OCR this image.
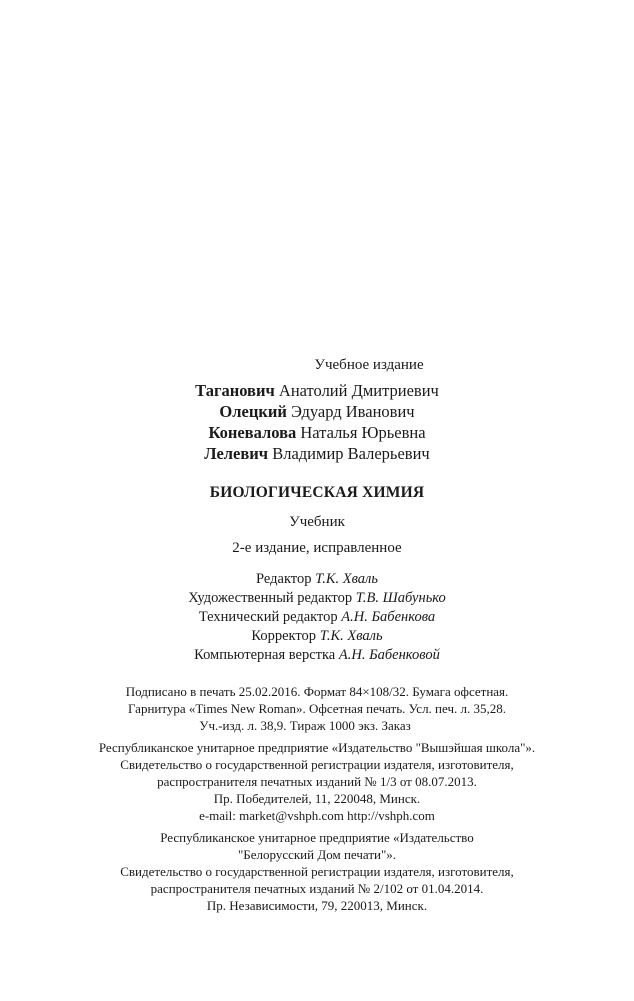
Учебное издание
Таганович Анатолий Дмитриевич
Олецкий Эдуард Иванович
Коневалова Наталья Юрьевна
Лелевич Владимир Валерьевич
БИОЛОГИЧЕСКАЯ ХИМИЯ
Учебник
2-е издание, исправленное
Редактор Т.К. Хваль
Художественный редактор Т.В. Шабунько
Технический редактор А.Н. Бабенкова
Корректор Т.К. Хваль
Компьютерная верстка А.Н. Бабенковой
Подписано в печать 25.02.2016. Формат 84×108/32. Бумага офсетная.
Гарнитура «Times New Roman». Офсетная печать. Усл. печ. л. 35,28.
Уч.-изд. л. 38,9. Тираж 1000 экз. Заказ
Республиканское унитарное предприятие «Издательство "Вышэйшая школа"».
Свидетельство о государственной регистрации издателя, изготовителя,
распространителя печатных изданий № 1/3 от 08.07.2013.
Пр. Победителей, 11, 220048, Минск.
e-mail: market@vshph.com http://vshph.com
Республиканское унитарное предприятие «Издательство
"Белорусский Дом печати"».
Свидетельство о государственной регистрации издателя, изготовителя,
распространителя печатных изданий № 2/102 от 01.04.2014.
Пр. Независимости, 79, 220013, Минск.
